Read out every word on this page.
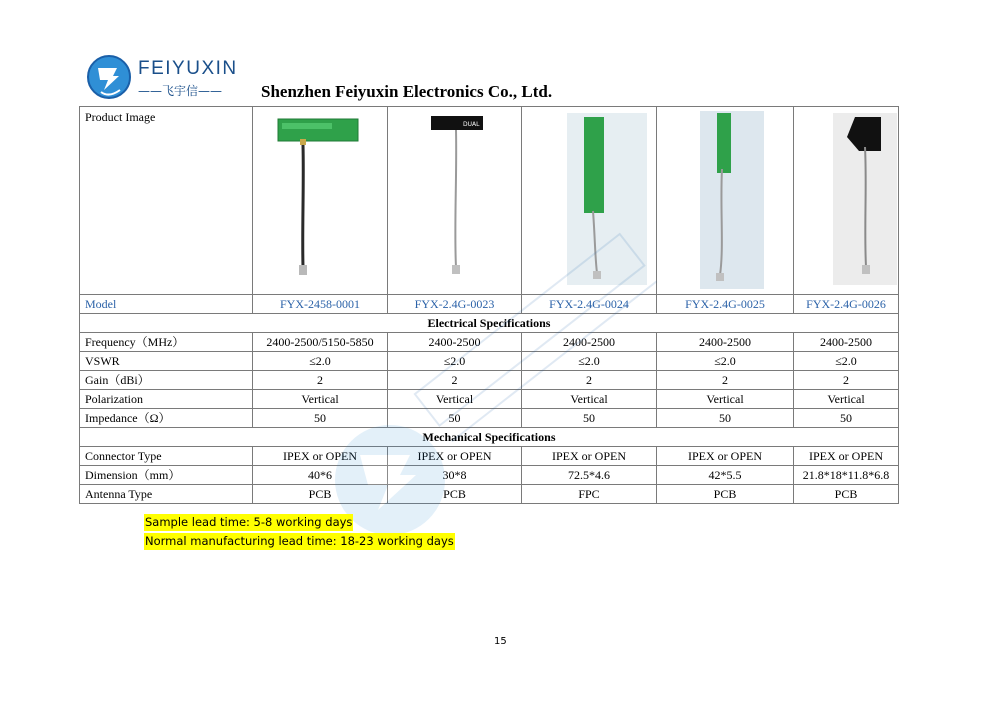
FEIYUXIN
——飞宇信—— Shenzhen Feiyuxin Electronics Co., Ltd.
Product Image		DUAL

Model	FYX-2458-0001	FYX-2.4G-0023	FYX-2.4G-0024	FYX-2.4G-0025	FYX-2.4G-0026
Electrical Specifications					
Frequency（MHz）	2400-2500/5150-5850	2400-2500	2400-2500	2400-2500	2400-2500
VSWR	≤2.0	≤2.0	≤2.0	≤2.0	≤2.0
Gain（dBi）	2	2	2	2	2
Polarization	Vertical	Vertical	Vertical	Vertical	Vertical
Impedance（Ω）	50	50	50	50	50
Mechanical Specifications					
Connector Type	IPEX or OPEN	IPEX or OPEN	IPEX or OPEN	IPEX or OPEN	IPEX or OPEN
Dimension（mm）	40*6	30*8	72.5*4.6	42*5.5	21.8*18*11.8*6.8
Antenna Type	PCB	PCB	FPC	PCB	PCB
Sample lead time: 5-8 working days
Normal manufacturing lead time: 18-23 working days
15
